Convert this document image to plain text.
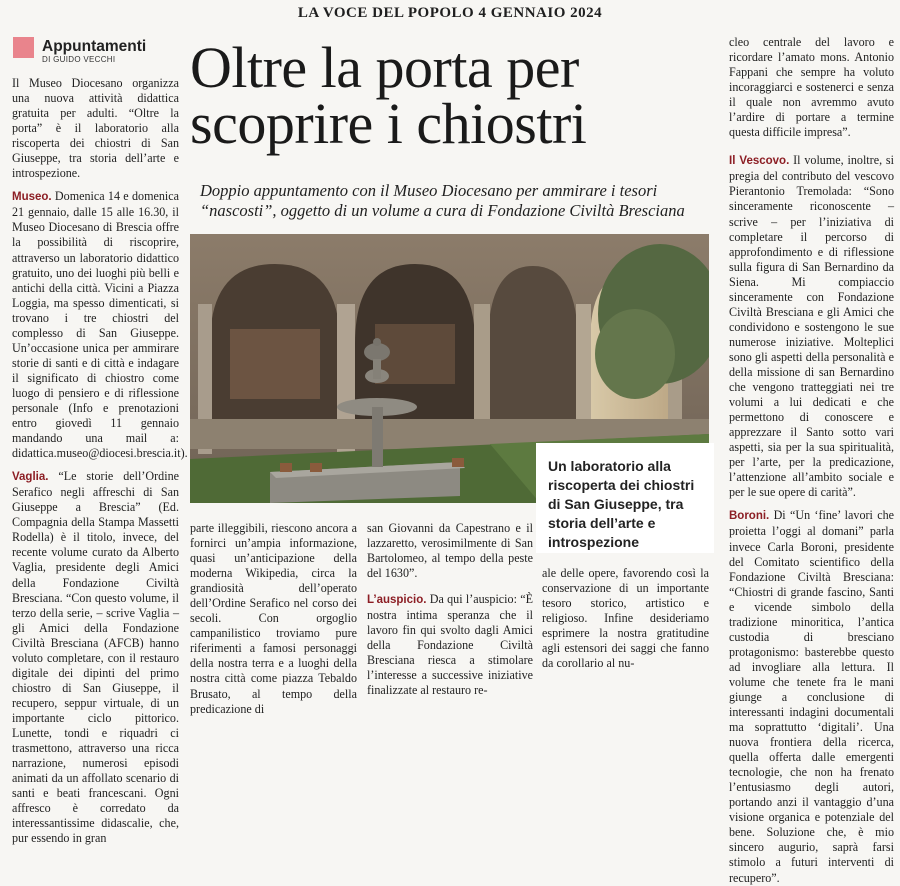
LA VOCE DEL POPOLO 4 GENNAIO 2024
Appuntamenti
DI GUIDO VECCHI Oltre la porta per
scoprire i chiostri
Doppio appuntamento con il Museo Diocesano per ammirare i tesori
“nascosti”, oggetto di un volume a cura di Fondazione Civiltà Bresciana

Il Museo Diocesano organizza una nuova attività didattica gratuita per adulti. “Oltre la porta” è il laboratorio alla riscoperta dei chiostri di San Giuseppe, tra storia dell’arte e introspezione.

Museo. Domenica 14 e domenica 21 gennaio, dalle 15 alle 16.30, il Museo Diocesano di Brescia offre la possibilità di riscoprire, attraverso un laboratorio didattico gratuito, uno dei luoghi più belli e antichi della città. Vicini a Piazza Loggia, ma spesso dimenticati, si trovano i tre chiostri del complesso di San Giuseppe. Un’occasione unica per ammirare storie di santi e di città e indagare il significato di chiostro come luogo di pensiero e di riflessione personale (Info e prenotazioni entro giovedì 11 gennaio mandando una mail a: didattica.museo@diocesi.brescia.it).

Vaglia. “Le storie dell’Ordine Serafico negli affreschi di San Giuseppe a Brescia” (Ed. Compagnia della Stampa Massetti Rodella) è il titolo, invece, del recente volume curato da Alberto Vaglia, presidente degli Amici della Fondazione Civiltà Bresciana. “Con questo volume, il terzo della serie, – scrive Vaglia – gli Amici della Fondazione Civiltà Bresciana (AFCB) hanno voluto completare, con il restauro digitale dei dipinti del primo chiostro di San Giuseppe, il recupero, seppur virtuale, di un importante ciclo pittorico. Lunette, tondi e riquadri ci trasmettono, attraverso una ricca narrazione, numerosi episodi animati da un affollato scenario di santi e beati francescani. Ogni affresco è corredato da interessantissime didascalie, che, pur essendo in gran

Un laboratorio alla riscoperta dei chiostri di San Giuseppe, tra storia dell’arte e introspezione

parte illeggibili, riescono ancora a fornirci un’ampia informazione, quasi un’anticipazione della moderna Wikipedia, circa la grandiosità dell’operato dell’Ordine Serafico nel corso dei secoli. Con orgoglio campanilistico troviamo pure riferimenti a famosi personaggi della nostra terra e a luoghi della nostra città come piazza Tebaldo Brusato, al tempo della predicazione di

san Giovanni da Capestrano e il lazzaretto, verosimilmente di San Bartolomeo, al tempo della peste del 1630”.

L’auspicio. Da qui l’auspicio: “È nostra intima speranza che il lavoro fin qui svolto dagli Amici della Fondazione Civiltà Bresciana riesca a stimolare l’interesse a successive iniziative finalizzate al restauro re-

ale delle opere, favorendo così la conservazione di un importante tesoro storico, artistico e religioso. Infine desideriamo esprimere la nostra gratitudine agli estensori dei saggi che fanno da corollario al nu-

cleo centrale del lavoro e ricordare l’amato mons. Antonio Fappani che sempre ha voluto incoraggiarci e sostenerci e senza il quale non avremmo avuto l’ardire di portare a termine questa difficile impresa”.

Il Vescovo. Il volume, inoltre, si pregia del contributo del vescovo Pierantonio Tremolada: “Sono sinceramente riconoscente – scrive – per l’iniziativa di completare il percorso di approfondimento e di riflessione sulla figura di San Bernardino da Siena. Mi compiaccio sinceramente con Fondazione Civiltà Bresciana e gli Amici che condividono e sostengono le sue numerose iniziative. Molteplici sono gli aspetti della personalità e della missione di san Bernardino che vengono tratteggiati nei tre volumi a lui dedicati e che permettono di conoscere e apprezzare il Santo sotto vari aspetti, sia per la sua spiritualità, per l’arte, per la predicazione, l’attenzione all’ambito sociale e per le sue opere di carità”.

Boroni. Di “Un ‘fine’ lavori che proietta l’oggi al domani” parla invece Carla Boroni, presidente del Comitato scientifico della Fondazione Civiltà Bresciana: “Chiostri di grande fascino, Santi e vicende simbolo della tradizione minoritica, l’antica custodia di bresciano protagonismo: basterebbe questo ad invogliare alla lettura. Il volume che tenete fra le mani giunge a conclusione di interessanti indagini documentali ma soprattutto ‘digitali’. Una nuova frontiera della ricerca, quella offerta dalle emergenti tecnologie, che non ha frenato l’entusiasmo degli autori, portando anzi il vantaggio d’una visione organica e potenziale del bene. Soluzione che, è mio sincero augurio, saprà farsi stimolo a futuri interventi di recupero”.
